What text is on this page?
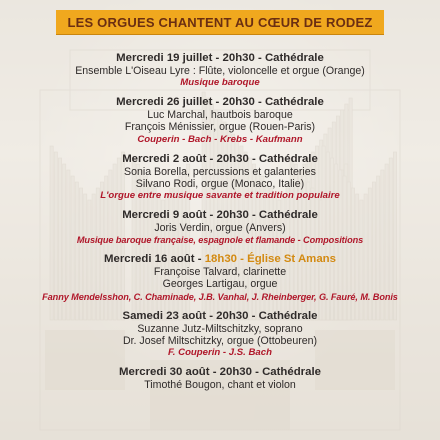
LES ORGUES CHANTENT AU CŒUR DE RODEZ
Mercredi 19 juillet - 20h30 - Cathédrale
Ensemble L'Oiseau Lyre : Flûte, violoncelle et orgue (Orange)
Musique baroque
Mercredi 26 juillet - 20h30 - Cathédrale
Luc Marchal, hautbois baroque
François Ménissier, orgue (Rouen-Paris)
Couperin - Bach - Krebs - Kaufmann
Mercredi 2 août - 20h30 - Cathédrale
Sonia Borella, percussions et galanteries
Silvano Rodi, orgue (Monaco, Italie)
L'orgue entre musique savante et tradition populaire
Mercredi 9 août - 20h30 - Cathédrale
Joris Verdin, orgue (Anvers)
Musique baroque française, espagnole et flamande - Compositions
Mercredi 16 août - 18h30 - Église St Amans
Françoise Talvard, clarinette
Georges Lartigau, orgue
Fanny Mendelsshon, C. Chaminade, J.B. Vanhal, J. Rheinberger, G. Fauré, M. Bonis
Samedi 23 août - 20h30 - Cathédrale
Suzanne Jutz-Miltschitzky, soprano
Dr. Josef Miltschitzky, orgue (Ottobeuren)
F. Couperin - J.S. Bach
Mercredi 30 août - 20h30 - Cathédrale
Timothé Bougon, chant et violon
